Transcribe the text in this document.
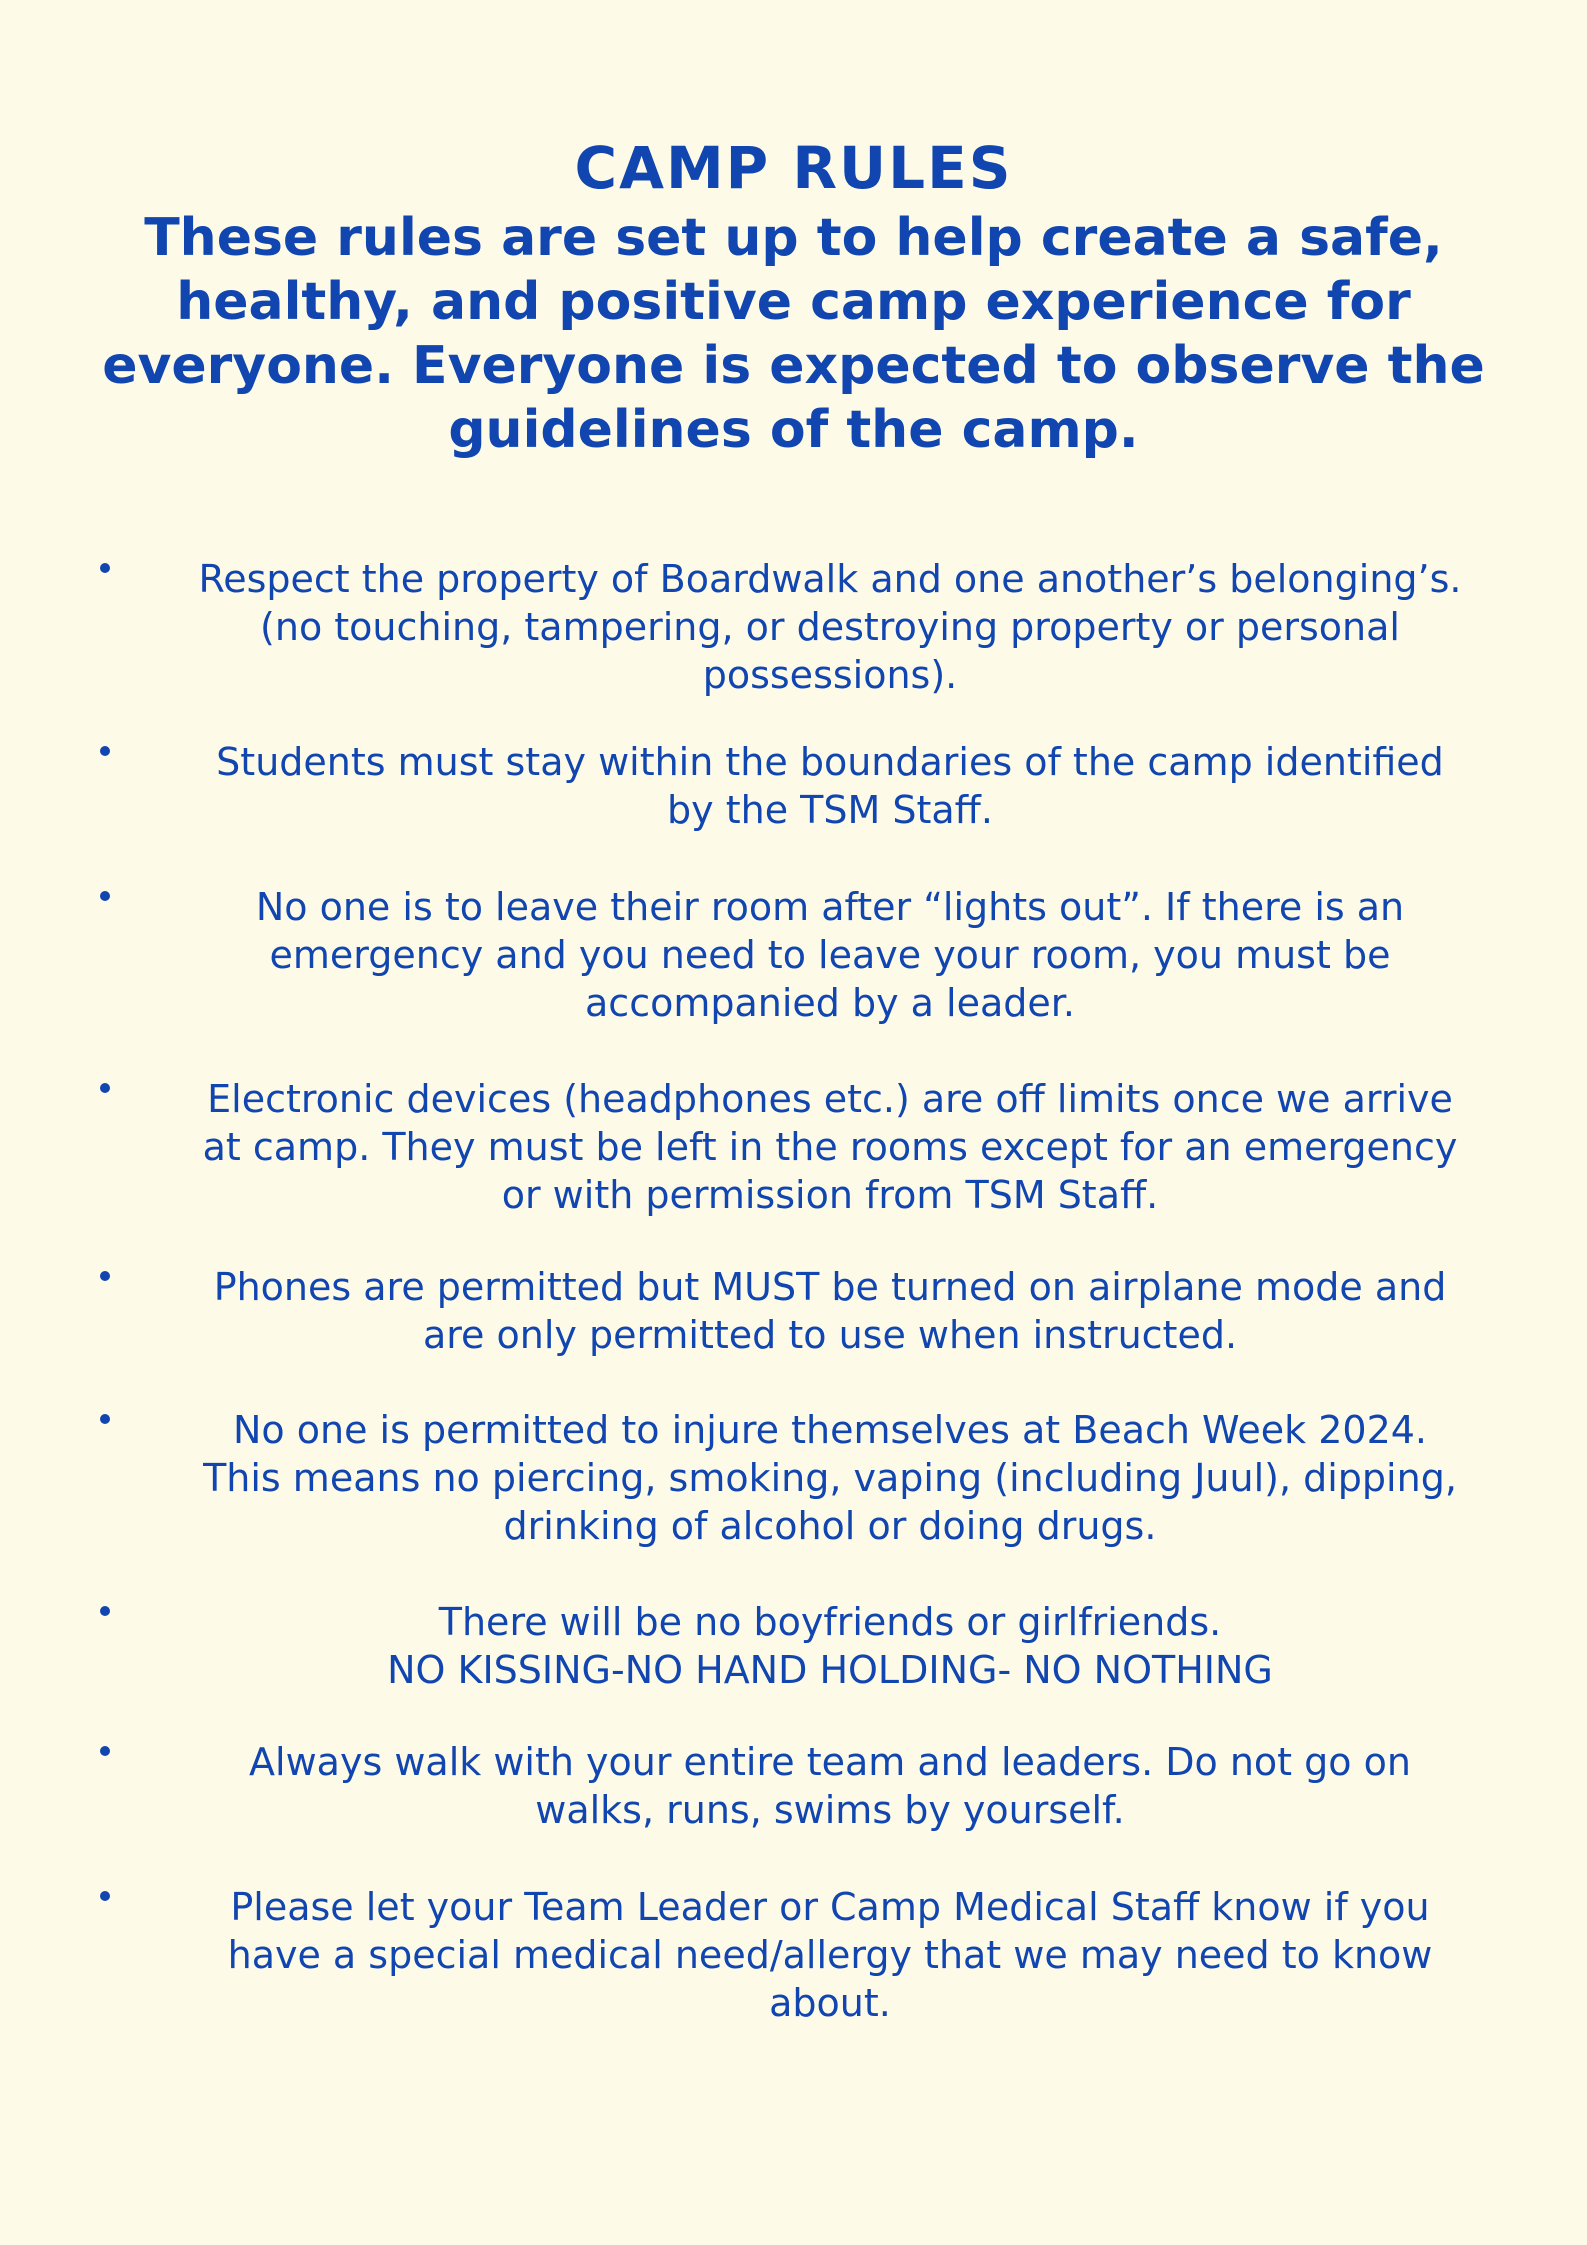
CAMP RULES

These rules are set up to help create a safe, healthy, and positive camp experience for everyone. Everyone is expected to observe the guidelines of the camp.

Respect the property of Boardwalk and one another’s belonging’s.
(no touching, tampering, or destroying property or personal
possessions).
Students must stay within the boundaries of the camp identified
by the TSM Staff.
No one is to leave their room after “lights out”. If there is an
emergency and you need to leave your room, you must be
accompanied by a leader.
Electronic devices (headphones etc.) are off limits once we arrive
at camp. They must be left in the rooms except for an emergency
or with permission from TSM Staff.
Phones are permitted but MUST be turned on airplane mode and
are only permitted to use when instructed.
No one is permitted to injure themselves at Beach Week 2024.
This means no piercing, smoking, vaping (including Juul), dipping,
drinking of alcohol or doing drugs.
There will be no boyfriends or girlfriends.
NO KISSING-NO HAND HOLDING- NO NOTHING
Always walk with your entire team and leaders. Do not go on
walks, runs, swims by yourself.
Please let your Team Leader or Camp Medical Staff know if you
have a special medical need/allergy that we may need to know
about.
